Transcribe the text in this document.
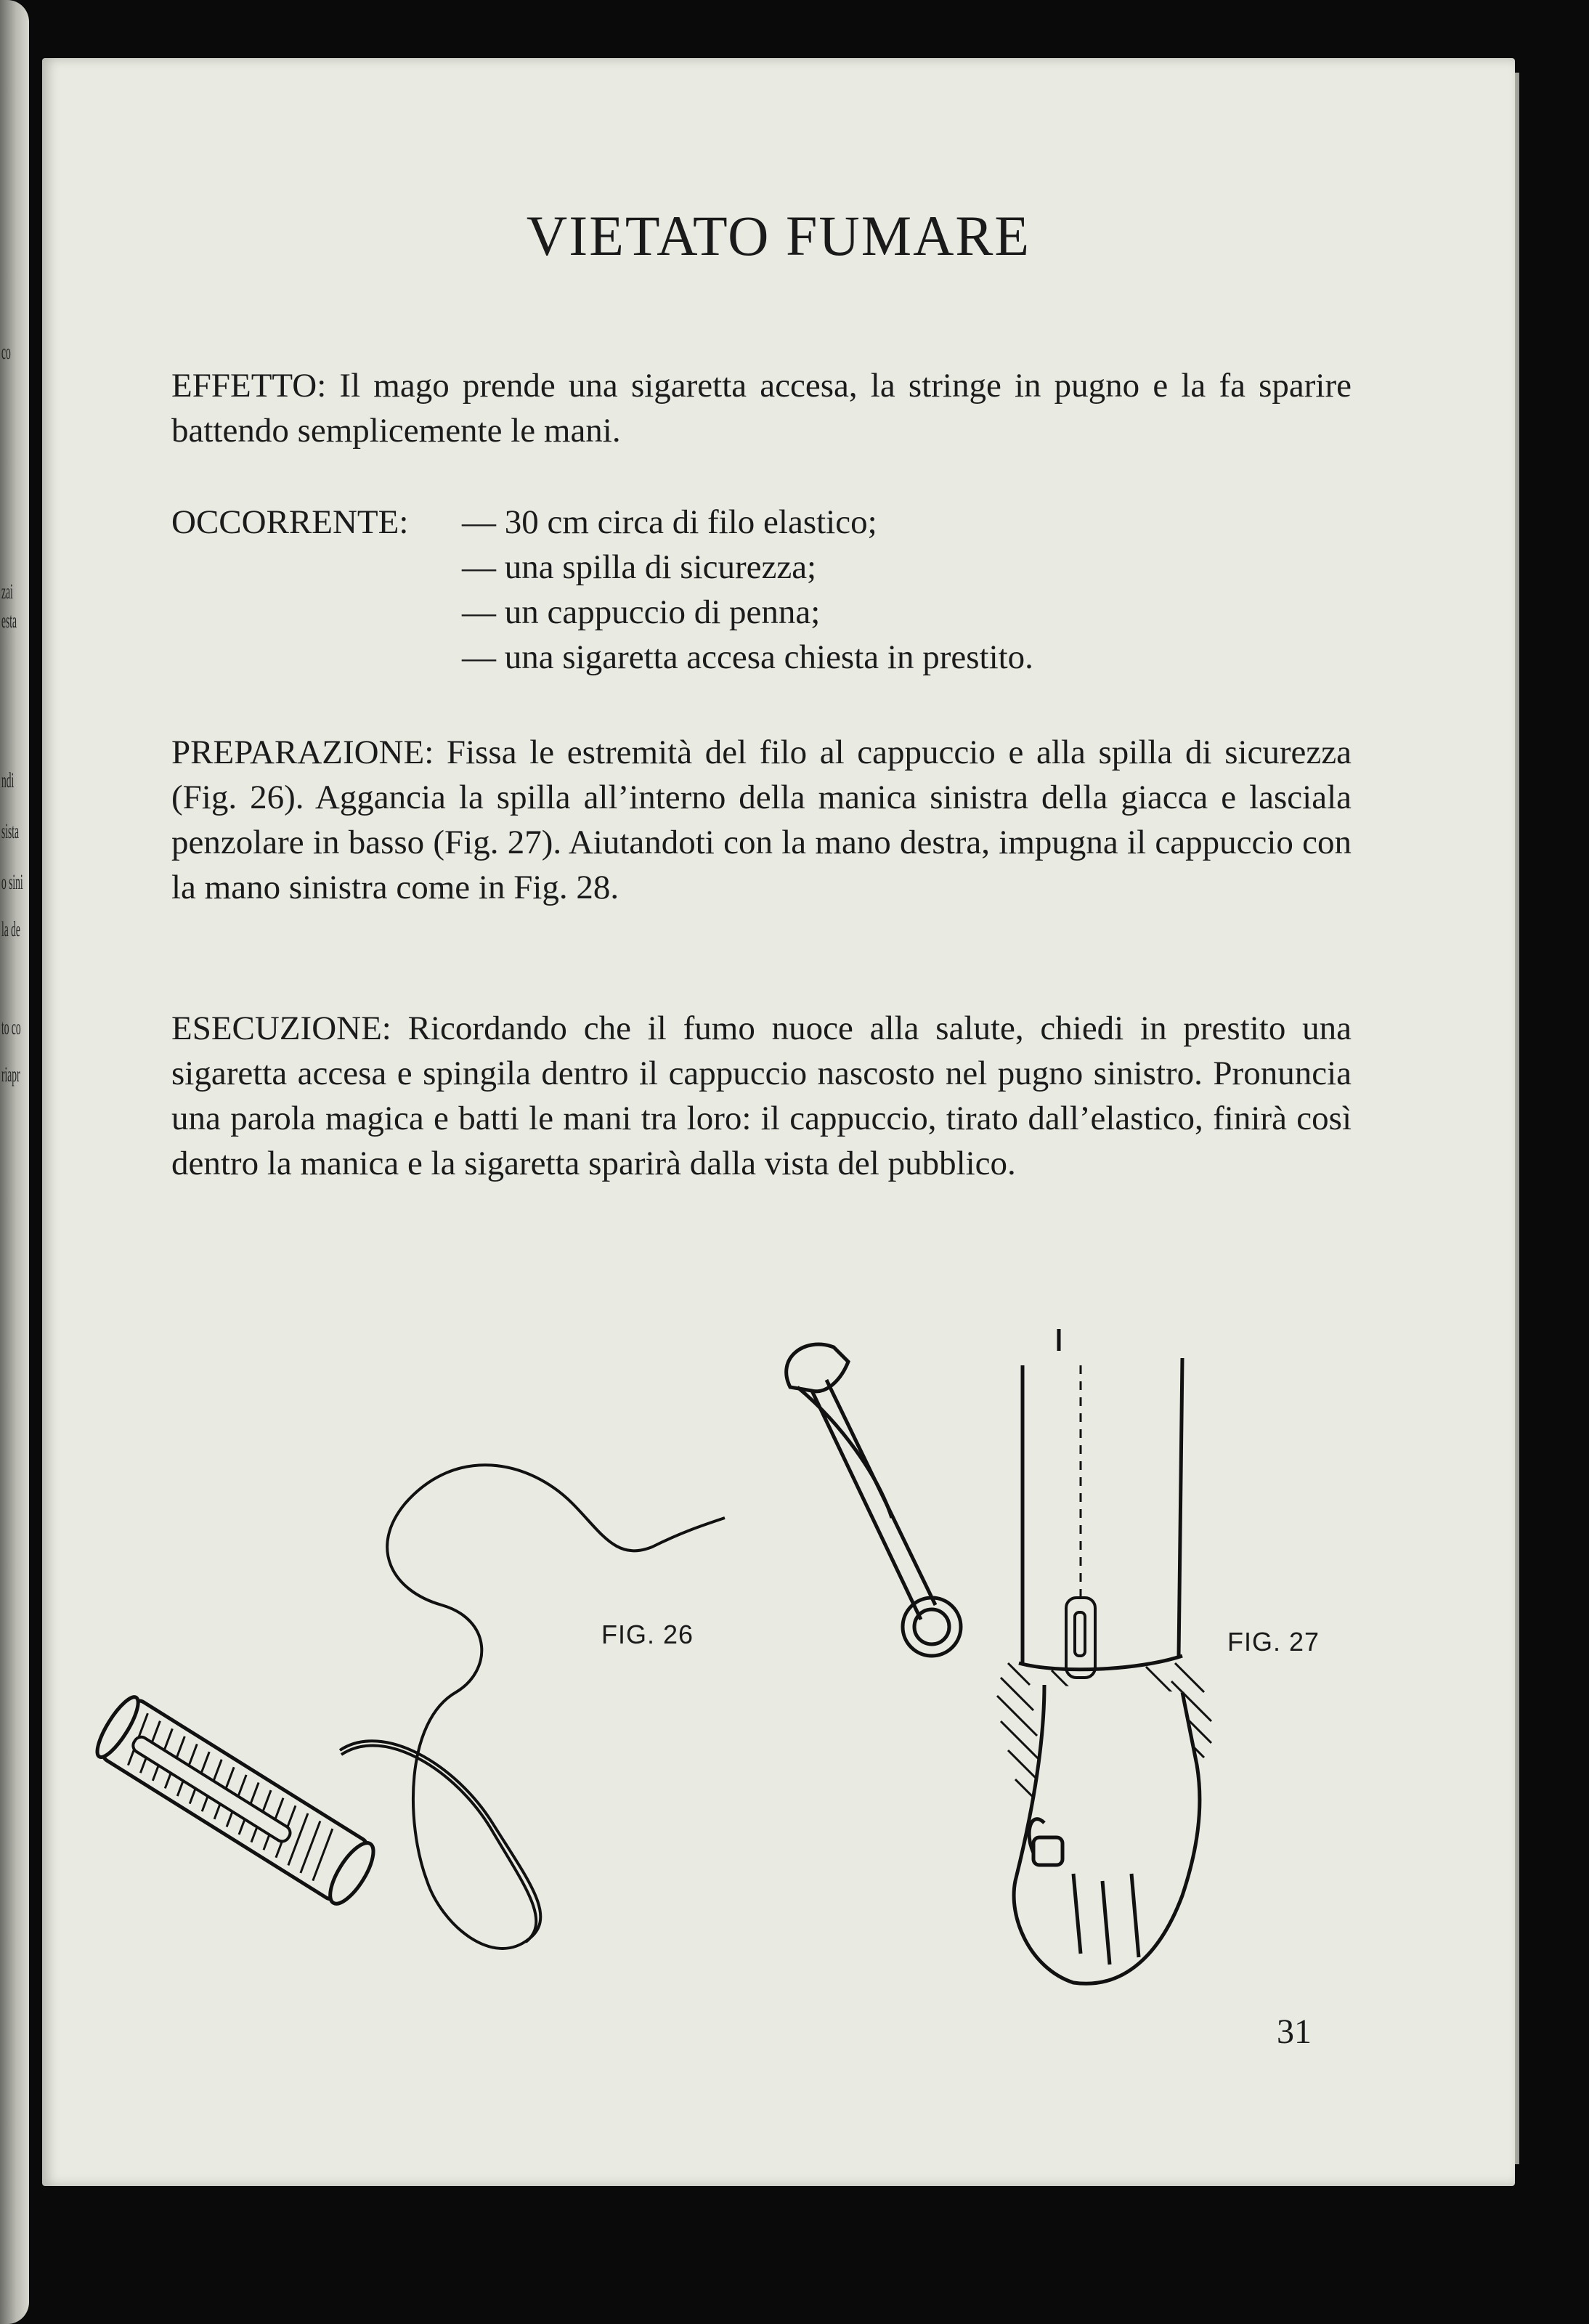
co
zai
esta
ndi
sista
o sini
la de
to co
riapr
VIETATO FUMARE

EFFETTO: Il mago prende una sigaretta accesa, la stringe in pugno e la fa sparire battendo semplicemente le mani.

OCCORRENTE: — 30 cm circa di filo elastico;
— una spilla di sicurezza;
— un cappuccio di penna;
— una sigaretta accesa chiesta in prestito.

PREPARAZIONE: Fissa le estremità del filo al cappuccio e alla spilla di sicurezza (Fig. 26). Aggancia la spilla all’interno della manica sinistra della giacca e lasciala penzolare in basso (Fig. 27). Aiutandoti con la mano destra, impugna il cappuccio con la mano sinistra come in Fig. 28.

ESECUZIONE: Ricordando che il fumo nuoce alla salute, chiedi in prestito una sigaretta accesa e spingila dentro il cappuccio nascosto nel pugno sinistro. Pronuncia una parola magica e batti le mani tra loro: il cappuccio, tirato dall’elastico, finirà così dentro la manica e la sigaretta sparirà dalla vista del pubblico.

FIG. 26	FIG. 27
31
